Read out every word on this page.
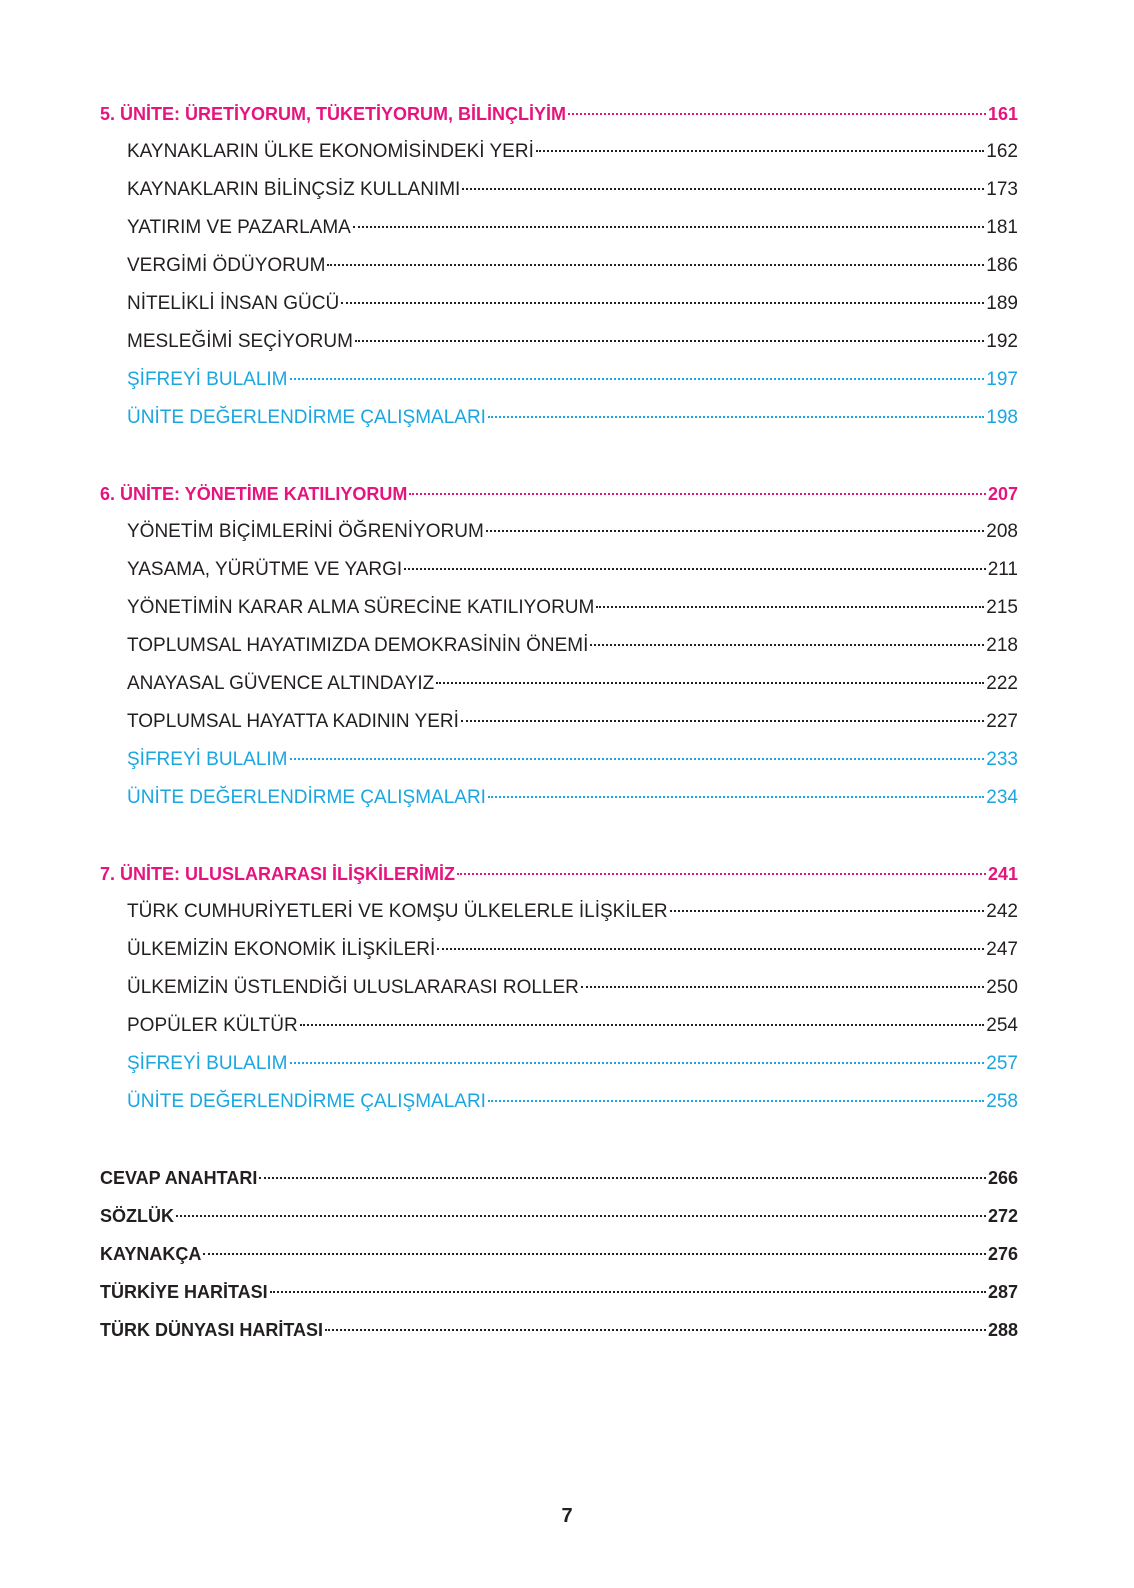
5. ÜNİTE: ÜRETİYORUM, TÜKETİYORUM, BİLİNÇLİYİM	161
KAYNAKLARIN ÜLKE EKONOMİSİNDEKİ YERİ	162
KAYNAKLARIN BİLİNÇSİZ KULLANIMI	173
YATIRIM VE PAZARLAMA	181
VERGİMİ ÖDÜYORUM	186
NİTELİKLİ İNSAN GÜCÜ	189
MESLEĞİMİ SEÇİYORUM	192
ŞİFREYİ BULALIM	197
ÜNİTE DEĞERLENDİRME ÇALIŞMALARI	198
6. ÜNİTE: YÖNETİME KATILIYORUM	207
YÖNETİM BİÇİMLERİNİ ÖĞRENİYORUM	208
YASAMA, YÜRÜTME VE YARGI	211
YÖNETİMİN KARAR ALMA SÜRECİNE KATILIYORUM	215
TOPLUMSAL HAYATIMIZDA DEMOKRASİNİN ÖNEMİ	218
ANAYASAL GÜVENCE ALTINDAYIZ	222
TOPLUMSAL HAYATTA KADININ YERİ	227
ŞİFREYİ BULALIM	233
ÜNİTE DEĞERLENDİRME ÇALIŞMALARI	234
7. ÜNİTE: ULUSLARARASI İLİŞKİLERİMİZ	241
TÜRK CUMHURİYETLERİ VE KOMŞU ÜLKELERLE İLİŞKİLER	242
ÜLKEMİZİN EKONOMİK İLİŞKİLERİ	247
ÜLKEMİZİN ÜSTLENDİĞİ ULUSLARARASI ROLLER	250
POPÜLER KÜLTÜR	254
ŞİFREYİ BULALIM	257
ÜNİTE DEĞERLENDİRME ÇALIŞMALARI	258
CEVAP ANAHTARI	266
SÖZLÜK	272
KAYNAKÇA	276
TÜRKİYE HARİTASI	287
TÜRK DÜNYASI HARİTASI	288
7
